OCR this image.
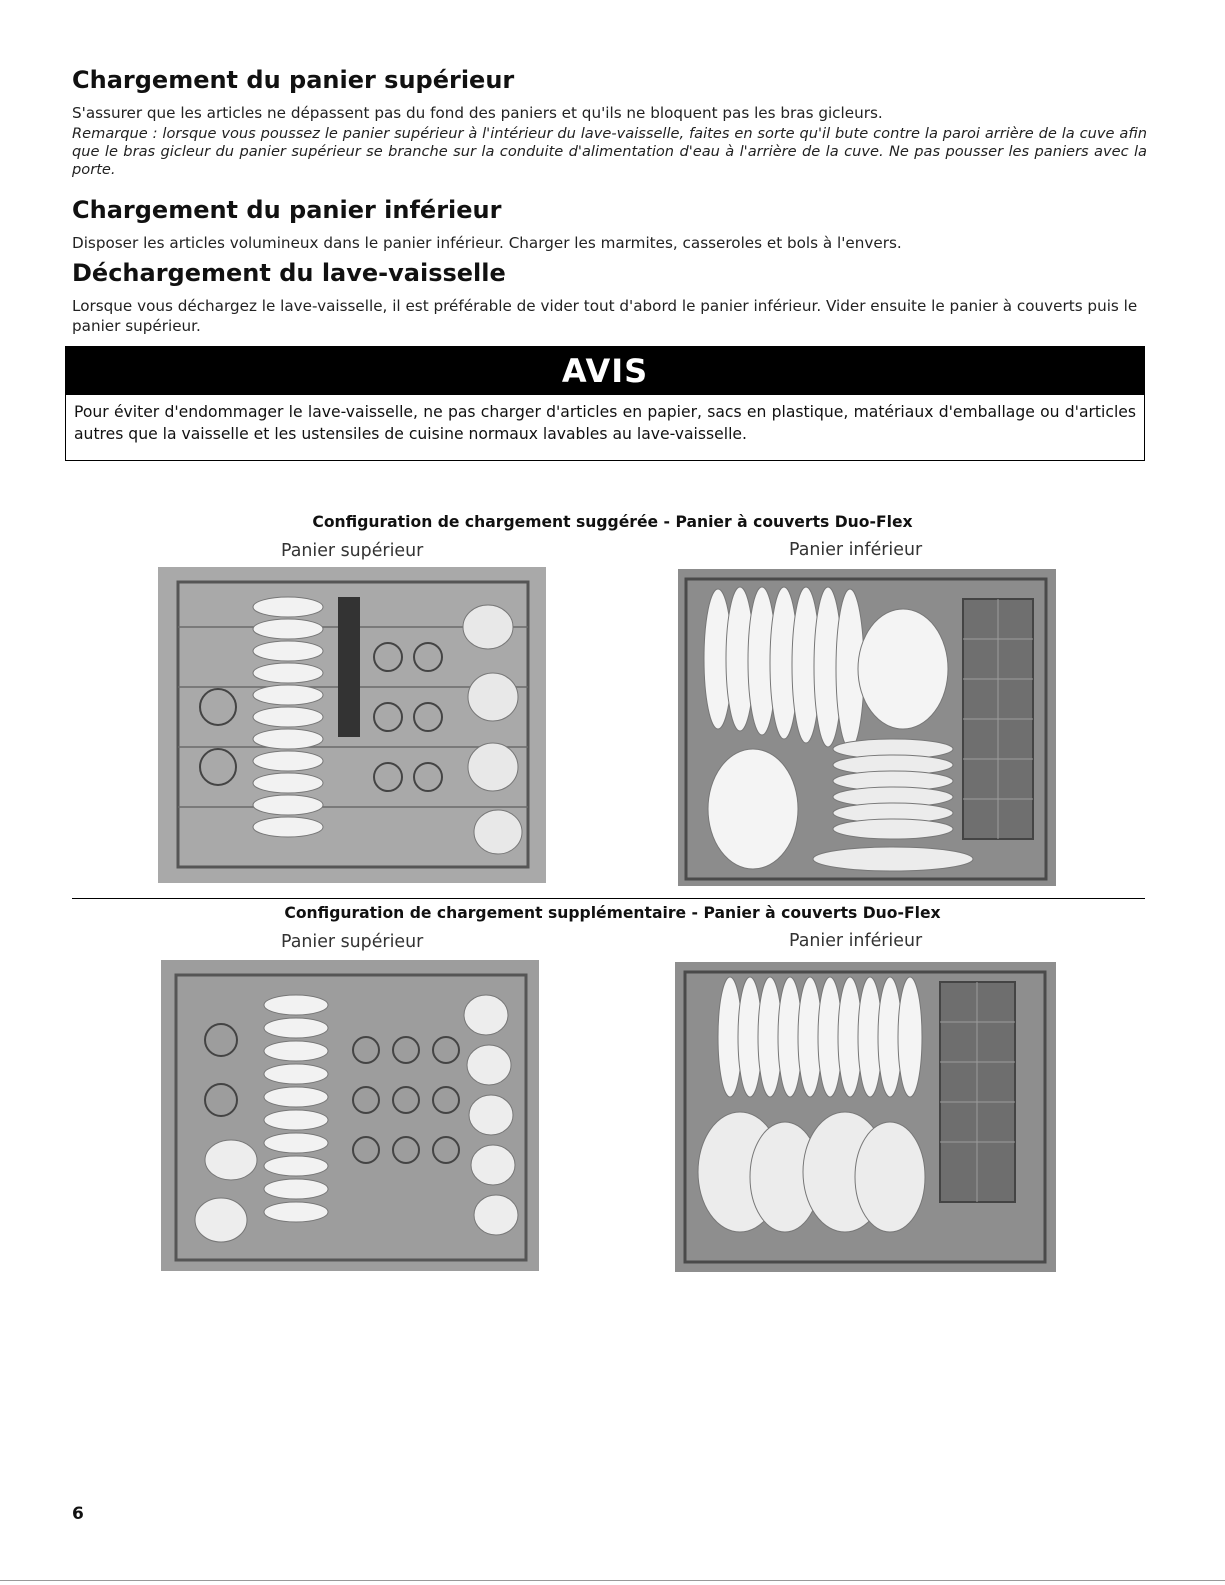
Chargement du panier supérieur

S'assurer que les articles ne dépassent pas du fond des paniers et qu'ils ne bloquent pas les bras gicleurs.

Remarque : lorsque vous poussez le panier supérieur à l'intérieur du lave-vaisselle, faites en sorte qu'il bute contre la paroi arrière de la cuve afin que le bras gicleur du panier supérieur se branche sur la conduite d'alimentation d'eau à l'arrière de la cuve. Ne pas pousser les paniers avec la porte.

Chargement du panier inférieur

Disposer les articles volumineux dans le panier inférieur. Charger les marmites, casseroles et bols à l'envers.

Déchargement du lave-vaisselle

Lorsque vous déchargez le lave-vaisselle, il est préférable de vider tout d'abord le panier inférieur. Vider ensuite le panier à couverts puis le panier supérieur.

AVIS
Pour éviter d'endommager le lave-vaisselle, ne pas charger d'articles en papier, sacs en plastique, matériaux d'emballage ou d'articles autres que la vaisselle et les ustensiles de cuisine normaux lavables au lave-vaisselle.
Configuration de chargement suggérée - Panier à couverts Duo-Flex
Panier supérieur	Panier inférieur
Configuration de chargement supplémentaire - Panier à couverts Duo-Flex
Panier supérieur	Panier inférieur
6
